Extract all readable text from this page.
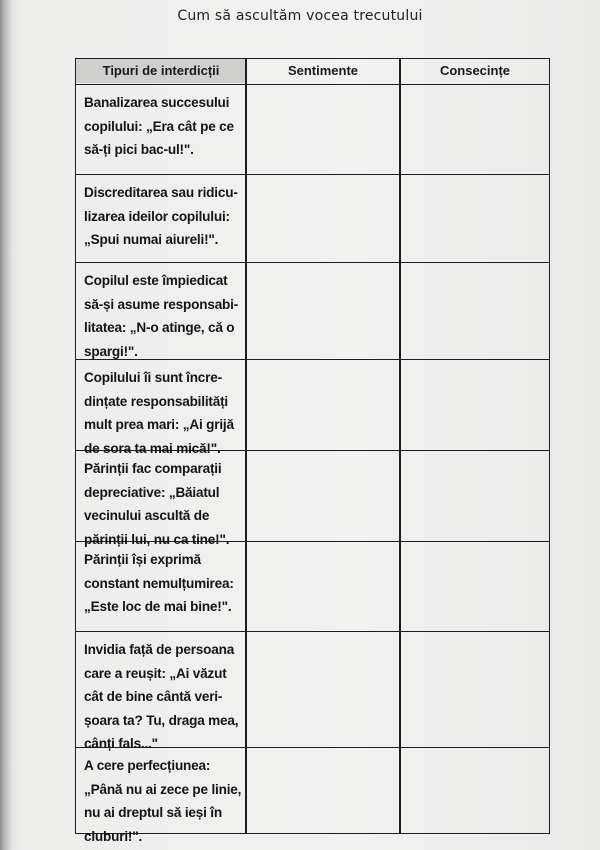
Cum să ascultăm vocea trecutului
Tipuri de interdicții	Sentimente	Consecințe
Banalizarea succesului
copilului: „Era cât pe ce
să-ți pici bac-ul!".
Discreditarea sau ridicu-
lizarea ideilor copilului:
„Spui numai aiureli!".
Copilul este împiedicat
să-și asume responsabi-
litatea: „N-o atinge, că o
spargi!".
Copilului îi sunt încre-
dințate responsabilități
mult prea mari: „Ai grijă
de sora ta mai mică!".
Părinții fac comparații
depreciative: „Băiatul
vecinului ascultă de
părinții lui, nu ca tine!".
Părinții își exprimă
constant nemulțumirea:
„Este loc de mai bine!".
Invidia față de persoana
care a reușit: „Ai văzut
cât de bine cântă veri-
șoara ta? Tu, draga mea,
cânți fals..."
A cere perfecțiunea:
„Până nu ai zece pe linie,
nu ai dreptul să ieși în
cluburi!".
